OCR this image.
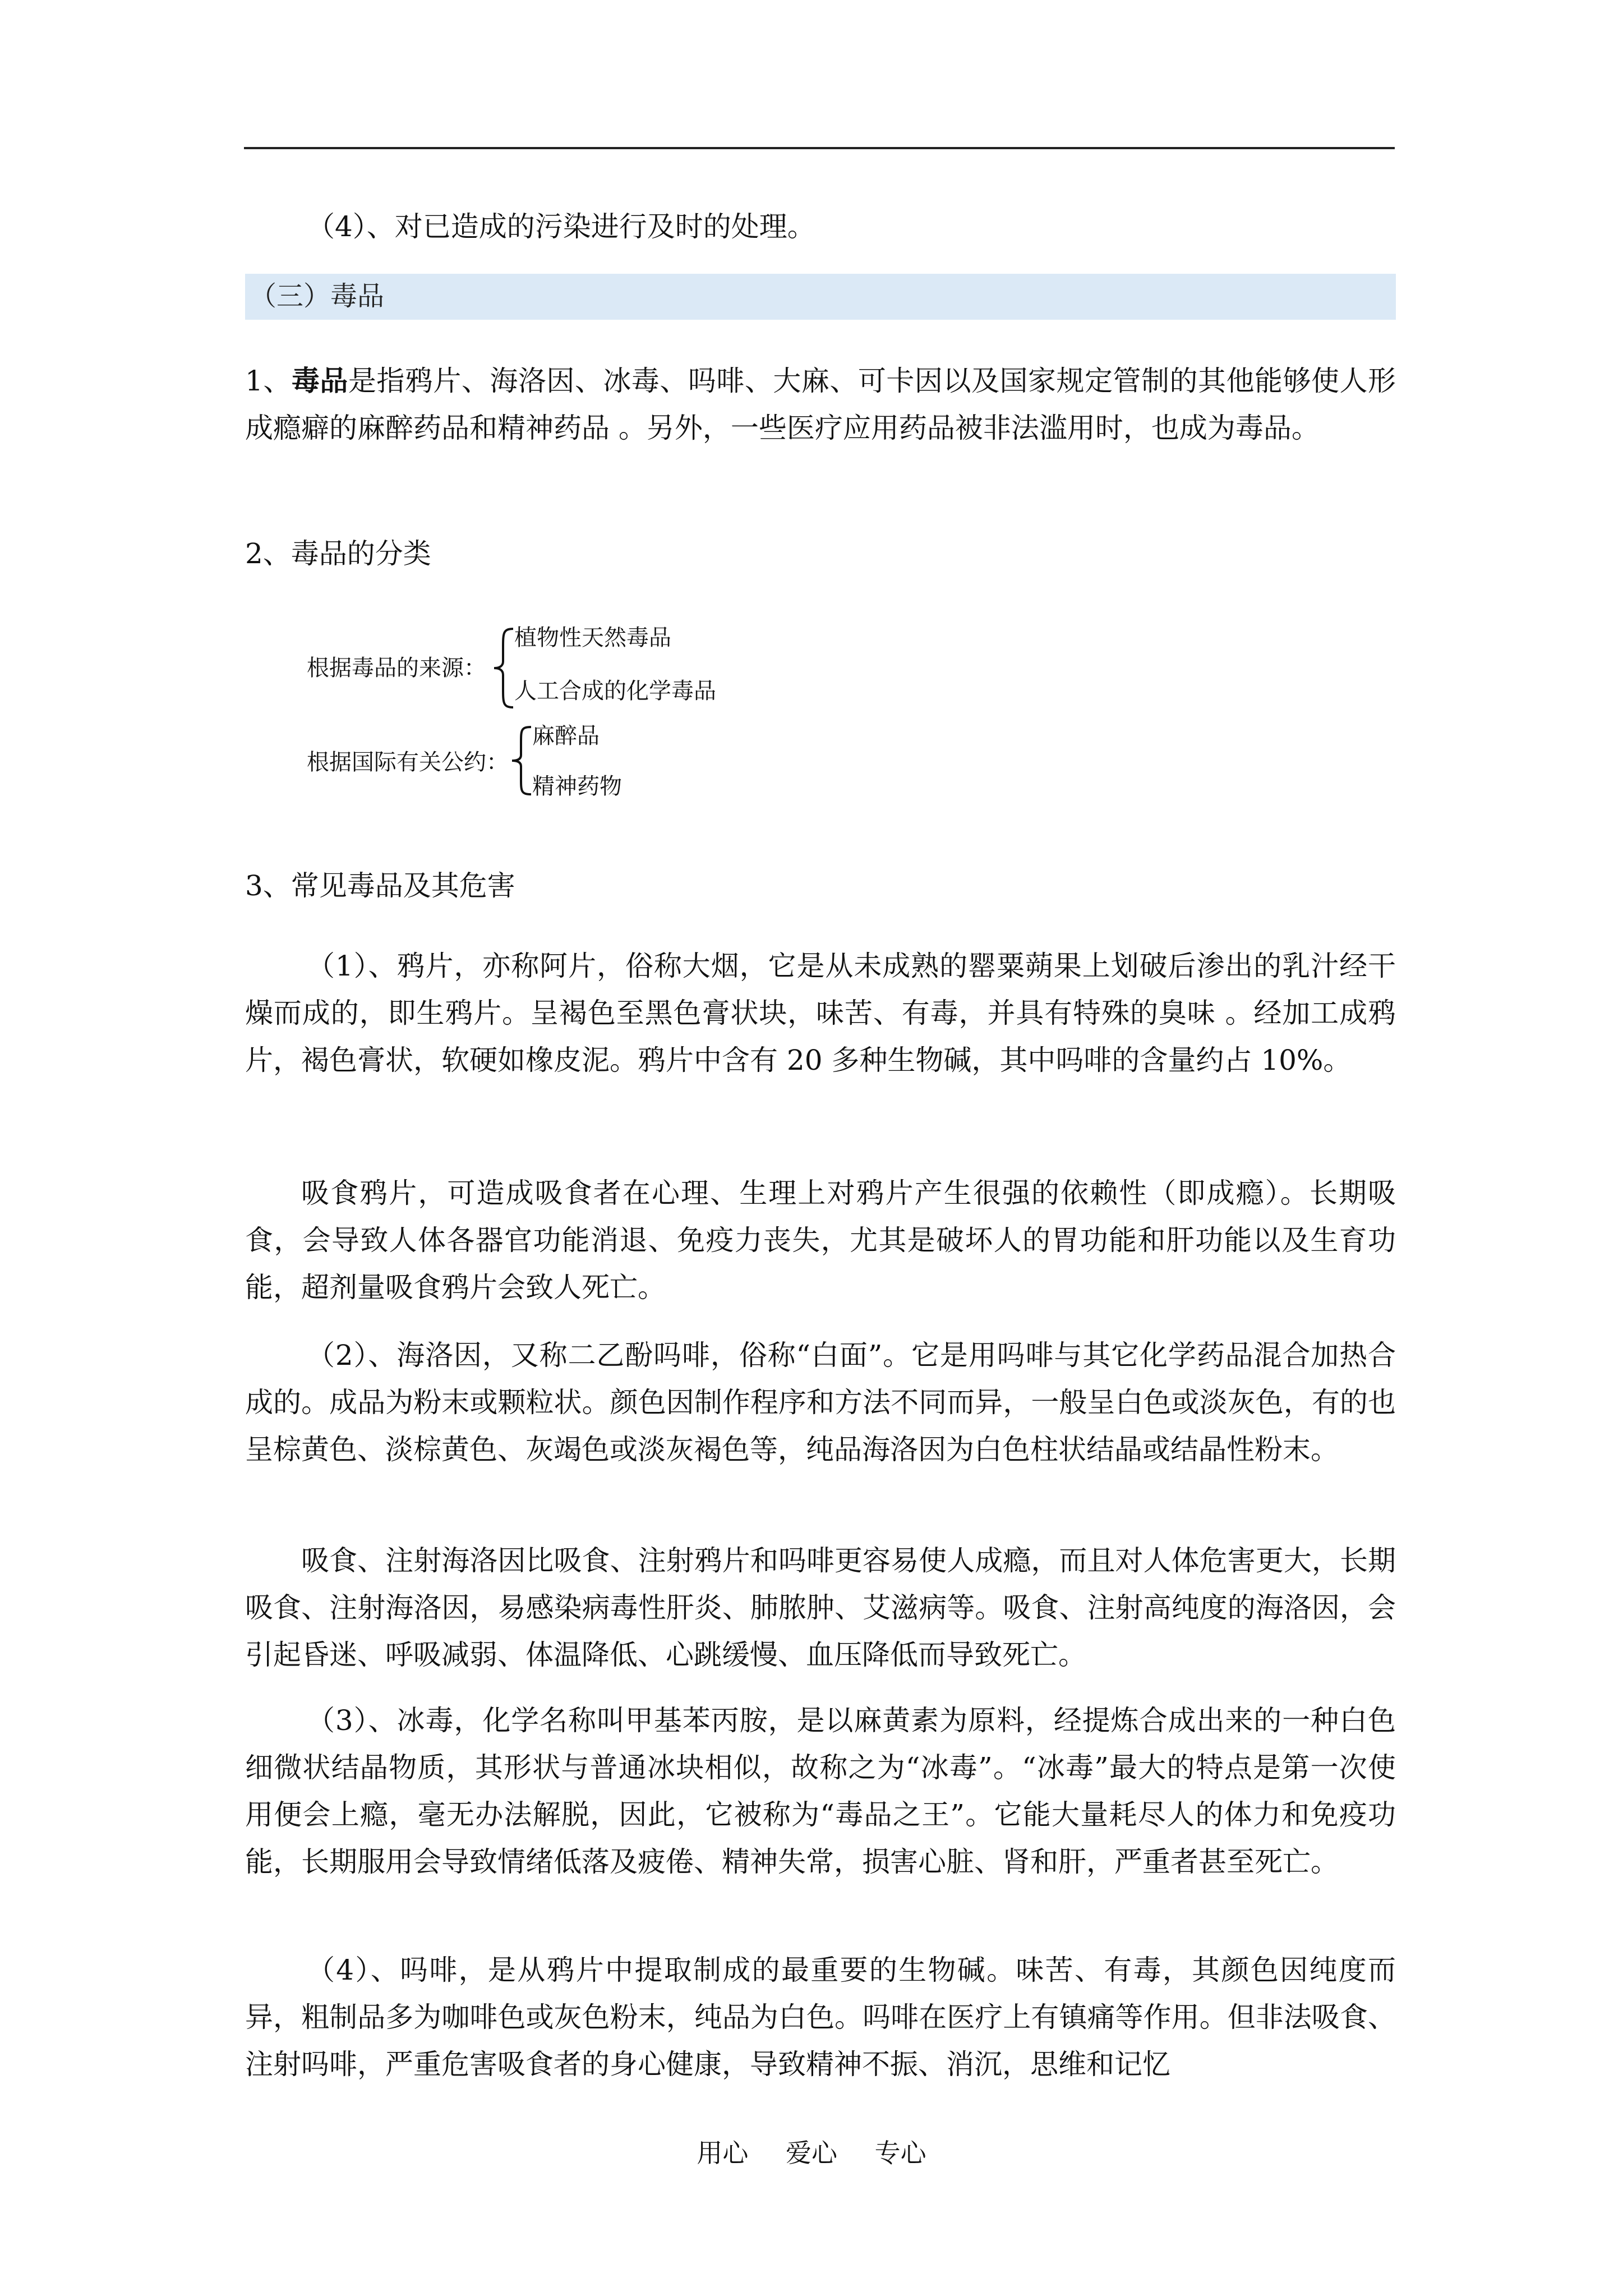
（4）、对已造成的污染进行及时的处理。

（三）毒品

1、毒品是指鸦片、海洛因、冰毒、吗啡、大麻、可卡因以及国家规定管制的其他能够使人形成瘾癖的麻醉药品和精神药品 。另外，一些医疗应用药品被非法滥用时，也成为毒品。

2、毒品的分类

根据毒品的来源：
植物性天然毒品
人工合成的化学毒品
根据国际有关公约：
麻醉品
精神药物

3、常见毒品及其危害

（1）、鸦片，亦称阿片，俗称大烟，它是从未成熟的罂粟蒴果上划破后渗出的乳汁经干燥而成的，即生鸦片。呈褐色至黑色膏状块，味苦、有毒，并具有特殊的臭味 。经加工成鸦片，褐色膏状，软硬如橡皮泥。鸦片中含有 20 多种生物碱，其中吗啡的含量约占 10%。

吸食鸦片，可造成吸食者在心理、生理上对鸦片产生很强的依赖性（即成瘾）。长期吸食，会导致人体各器官功能消退、免疫力丧失，尤其是破坏人的胃功能和肝功能以及生育功能，超剂量吸食鸦片会致人死亡。

（2）、海洛因，又称二乙酚吗啡，俗称“白面”。它是用吗啡与其它化学药品混合加热合成的。成品为粉末或颗粒状。颜色因制作程序和方法不同而异，一般呈白色或淡灰色，有的也呈棕黄色、淡棕黄色、灰竭色或淡灰褐色等，纯品海洛因为白色柱状结晶或结晶性粉末。

吸食、注射海洛因比吸食、注射鸦片和吗啡更容易使人成瘾，而且对人体危害更大，长期吸食、注射海洛因，易感染病毒性肝炎、肺脓肿、艾滋病等。吸食、注射高纯度的海洛因，会引起昏迷、呼吸减弱、体温降低、心跳缓慢、血压降低而导致死亡。

（3）、冰毒，化学名称叫甲基苯丙胺，是以麻黄素为原料，经提炼合成出来的一种白色细微状结晶物质，其形状与普通冰块相似，故称之为“冰毒”。“冰毒”最大的特点是第一次使用便会上瘾，毫无办法解脱，因此，它被称为“毒品之王”。它能大量耗尽人的体力和免疫功能，长期服用会导致情绪低落及疲倦、精神失常，损害心脏、肾和肝，严重者甚至死亡。

（4）、吗啡，是从鸦片中提取制成的最重要的生物碱。味苦、有毒，其颜色因纯度而异，粗制品多为咖啡色或灰色粉末，纯品为白色。吗啡在医疗上有镇痛等作用。但非法吸食、注射吗啡，严重危害吸食者的身心健康，导致精神不振、消沉，思维和记忆

用心 爱心 专心
